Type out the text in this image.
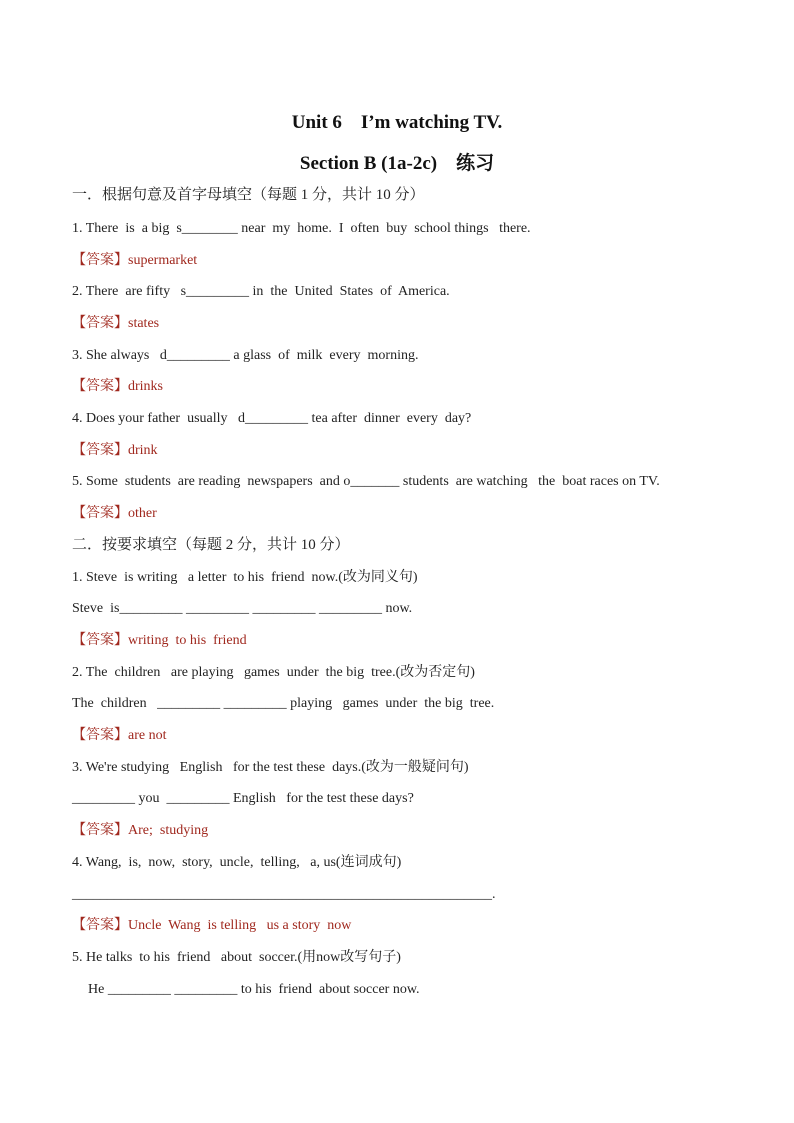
Unit 6　I’m watching TV.
Section B (1a-2c)　练习
一．根据句意及首字母填空（每题 1 分，共计 10 分）
1. There  is  a big  s________ near  my  home.  I  often  buy  school things   there.
【答案】supermarket
2. There  are fifty   s_________ in  the  United  States  of  America.
【答案】states
3. She always   d_________ a glass  of  milk  every  morning.
【答案】drinks
4. Does your father  usually   d_________ tea after  dinner  every  day?
【答案】drink
5. Some  students  are reading  newspapers  and o_______ students  are watching   the  boat races on TV.
【答案】other
二．按要求填空（每题 2 分，共计 10 分）
1. Steve  is writing   a letter  to his  friend  now.(改为同义句)
Steve  is_________ _________ _________ _________ now.
【答案】writing  to his  friend
2. The  children   are playing   games  under  the big  tree.(改为否定句)
The  children   _________ _________ playing   games  under  the big  tree.
【答案】are not
3. We're studying   English   for the test these  days.(改为一般疑问句)
_________ you  _________ English   for the test these days?
【答案】Are;  studying
4. Wang,  is,  now,  story,  uncle,  telling,   a, us(连词成句)
____________________________________________________________.
【答案】Uncle  Wang  is telling   us a story  now
5. He talks  to his  friend   about  soccer.(用now改写句子)
He _________ _________ to his  friend  about soccer now.
